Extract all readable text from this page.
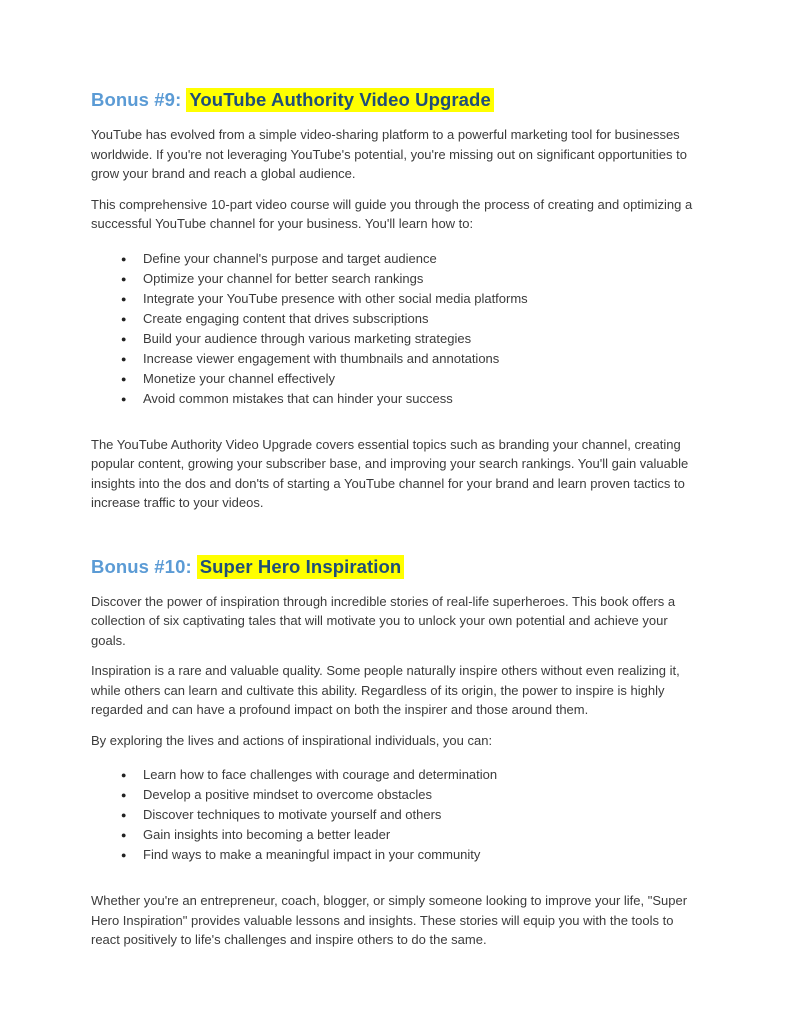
Bonus #9: YouTube Authority Video Upgrade

YouTube has evolved from a simple video-sharing platform to a powerful marketing tool for businesses worldwide. If you're not leveraging YouTube's potential, you're missing out on significant opportunities to grow your brand and reach a global audience.

This comprehensive 10-part video course will guide you through the process of creating and optimizing a successful YouTube channel for your business. You'll learn how to:

●	Define your channel's purpose and target audience
●	Optimize your channel for better search rankings
●	Integrate your YouTube presence with other social media platforms
●	Create engaging content that drives subscriptions
●	Build your audience through various marketing strategies
●	Increase viewer engagement with thumbnails and annotations
●	Monetize your channel effectively
●	Avoid common mistakes that can hinder your success

The YouTube Authority Video Upgrade covers essential topics such as branding your channel, creating popular content, growing your subscriber base, and improving your search rankings. You'll gain valuable insights into the dos and don'ts of starting a YouTube channel for your brand and learn proven tactics to increase traffic to your videos.

Bonus #10: Super Hero Inspiration

Discover the power of inspiration through incredible stories of real-life superheroes. This book offers a collection of six captivating tales that will motivate you to unlock your own potential and achieve your goals.

Inspiration is a rare and valuable quality. Some people naturally inspire others without even realizing it, while others can learn and cultivate this ability. Regardless of its origin, the power to inspire is highly regarded and can have a profound impact on both the inspirer and those around them.

By exploring the lives and actions of inspirational individuals, you can:

●	Learn how to face challenges with courage and determination
●	Develop a positive mindset to overcome obstacles
●	Discover techniques to motivate yourself and others
●	Gain insights into becoming a better leader
●	Find ways to make a meaningful impact in your community

Whether you're an entrepreneur, coach, blogger, or simply someone looking to improve your life, "Super Hero Inspiration" provides valuable lessons and insights. These stories will equip you with the tools to react positively to life's challenges and inspire others to do the same.
